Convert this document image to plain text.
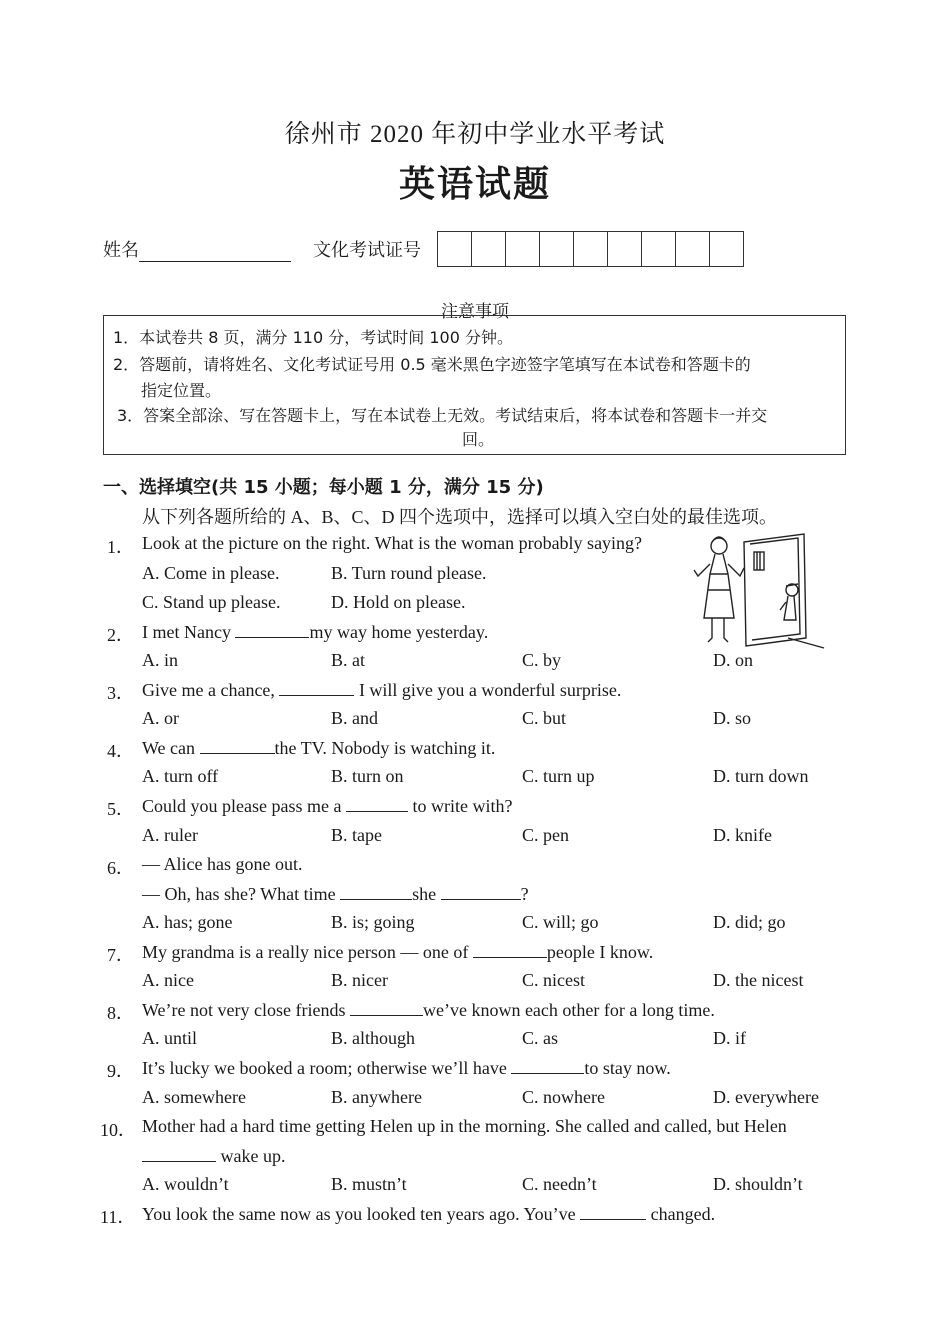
徐州市 2020 年初中学业水平考试
英语试题
姓名	文化考试证号
注意事项
1．本试卷共 8 页，满分 110 分，考试时间 100 分钟。
2．答题前，请将姓名、文化考试证号用 0.5 毫米黑色字迹签字笔填写在本试卷和答题卡的
指定位置。
3．答案全部涂、写在答题卡上，写在本试卷上无效。考试结束后，将本试卷和答题卡一并交
回。
一、选择填空(共 15 小题；每小题 1 分，满分 15 分)
从下列各题所给的 A、B、C、D 四个选项中，选择可以填入空白处的最佳选项。
1． Look at the picture on the right. What is the woman probably saying?
A. Come in please.	B. Turn round please.
C. Stand up please.	D. Hold on please.
2． I met Nancy	my way home yesterday.
A. in	B. at	C. by	D. on
3． Give me a chance,	I will give you a wonderful surprise.
A. or	B. and	C. but	D. so
4． We can	the TV. Nobody is watching it.
A. turn off	B. turn on	C. turn up	D. turn down
5． Could you please pass me a	to write with?
A. ruler	B. tape	C. pen	D. knife
6． — Alice has gone out.
— Oh, has she? What time	she	?
A. has; gone	B. is; going	C. will; go	D. did; go
7． My grandma is a really nice person — one of	people I know.
A. nice	B. nicer	C. nicest	D. the nicest
8． We’re not very close friends	we’ve known each other for a long time.
A. until	B. although	C. as	D. if
9． It’s lucky we booked a room; otherwise we’ll have	to stay now.
A. somewhere	B. anywhere	C. nowhere	D. everywhere
10． Mother had a hard time getting Helen up in the morning. She called and called, but Helen
wake up.
A. wouldn’t	B. mustn’t	C. needn’t	D. shouldn’t
11． You look the same now as you looked ten years ago. You’ve	changed.
